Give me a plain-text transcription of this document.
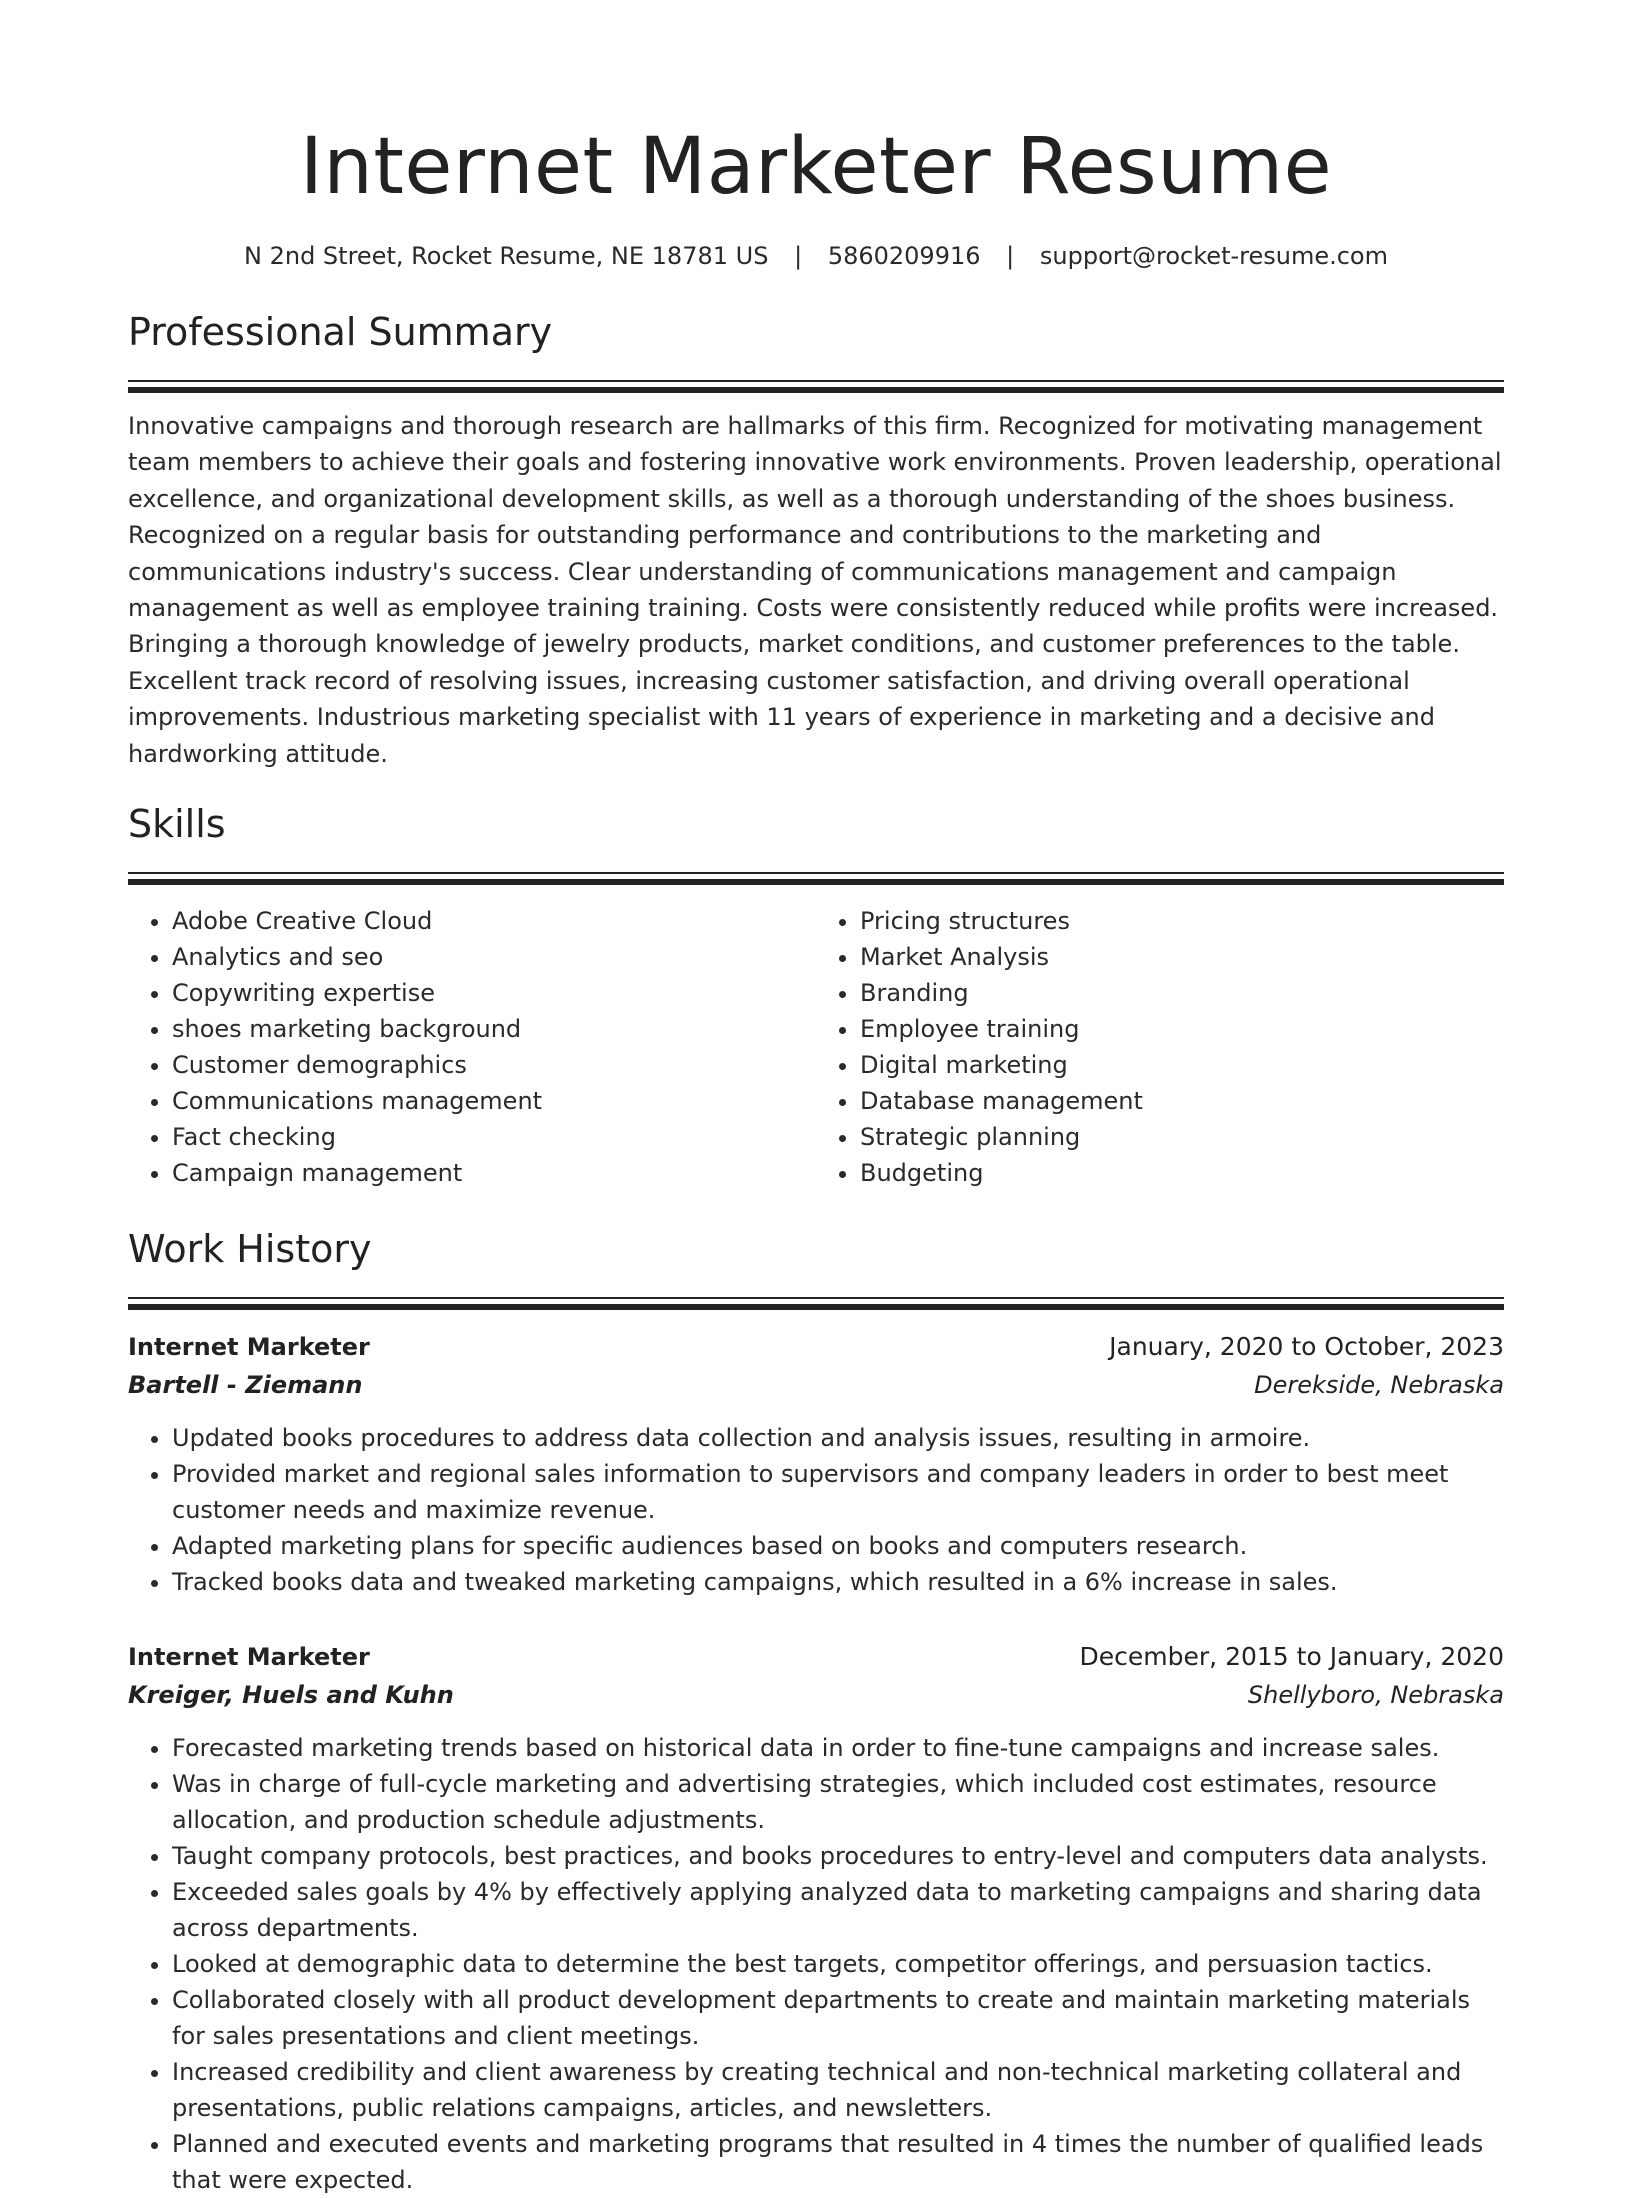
Internet Marketer Resume
N 2nd Street, Rocket Resume, NE 18781 US | 5860209916 | support@rocket-resume.com
Professional Summary

Innovative campaigns and thorough research are hallmarks of this firm. Recognized for motivating management team members to achieve their goals and fostering innovative work environments. Proven leadership, operational excellence, and organizational development skills, as well as a thorough understanding of the shoes business. Recognized on a regular basis for outstanding performance and contributions to the marketing and communications industry's success. Clear understanding of communications management and campaign management as well as employee training training. Costs were consistently reduced while profits were increased. Bringing a thorough knowledge of jewelry products, market conditions, and customer preferences to the table. Excellent track record of resolving issues, increasing customer satisfaction, and driving overall operational improvements. Industrious marketing specialist with 11 years of experience in marketing and a decisive and hardworking attitude.

Skills
• Adobe Creative Cloud
• Analytics and seo
• Copywriting expertise
• shoes marketing background
• Customer demographics
• Communications management
• Fact checking
• Campaign management
• Pricing structures
• Market Analysis
• Branding
• Employee training
• Digital marketing
• Database management
• Strategic planning
• Budgeting
Work History
Internet Marketer	January, 2020 to October, 2023
Bartell - Ziemann	Derekside, Nebraska
• Updated books procedures to address data collection and analysis issues, resulting in armoire.
• Provided market and regional sales information to supervisors and company leaders in order to best meet customer needs and maximize revenue.
• Adapted marketing plans for specific audiences based on books and computers research.
• Tracked books data and tweaked marketing campaigns, which resulted in a 6% increase in sales.
Internet Marketer	December, 2015 to January, 2020
Kreiger, Huels and Kuhn	Shellyboro, Nebraska
• Forecasted marketing trends based on historical data in order to fine-tune campaigns and increase sales.
• Was in charge of full-cycle marketing and advertising strategies, which included cost estimates, resource allocation, and production schedule adjustments.
• Taught company protocols, best practices, and books procedures to entry-level and computers data analysts.
• Exceeded sales goals by 4% by effectively applying analyzed data to marketing campaigns and sharing data across departments.
• Looked at demographic data to determine the best targets, competitor offerings, and persuasion tactics.
• Collaborated closely with all product development departments to create and maintain marketing materials for sales presentations and client meetings.
• Increased credibility and client awareness by creating technical and non-technical marketing collateral and presentations, public relations campaigns, articles, and newsletters.
• Planned and executed events and marketing programs that resulted in 4 times the number of qualified leads that were expected.
